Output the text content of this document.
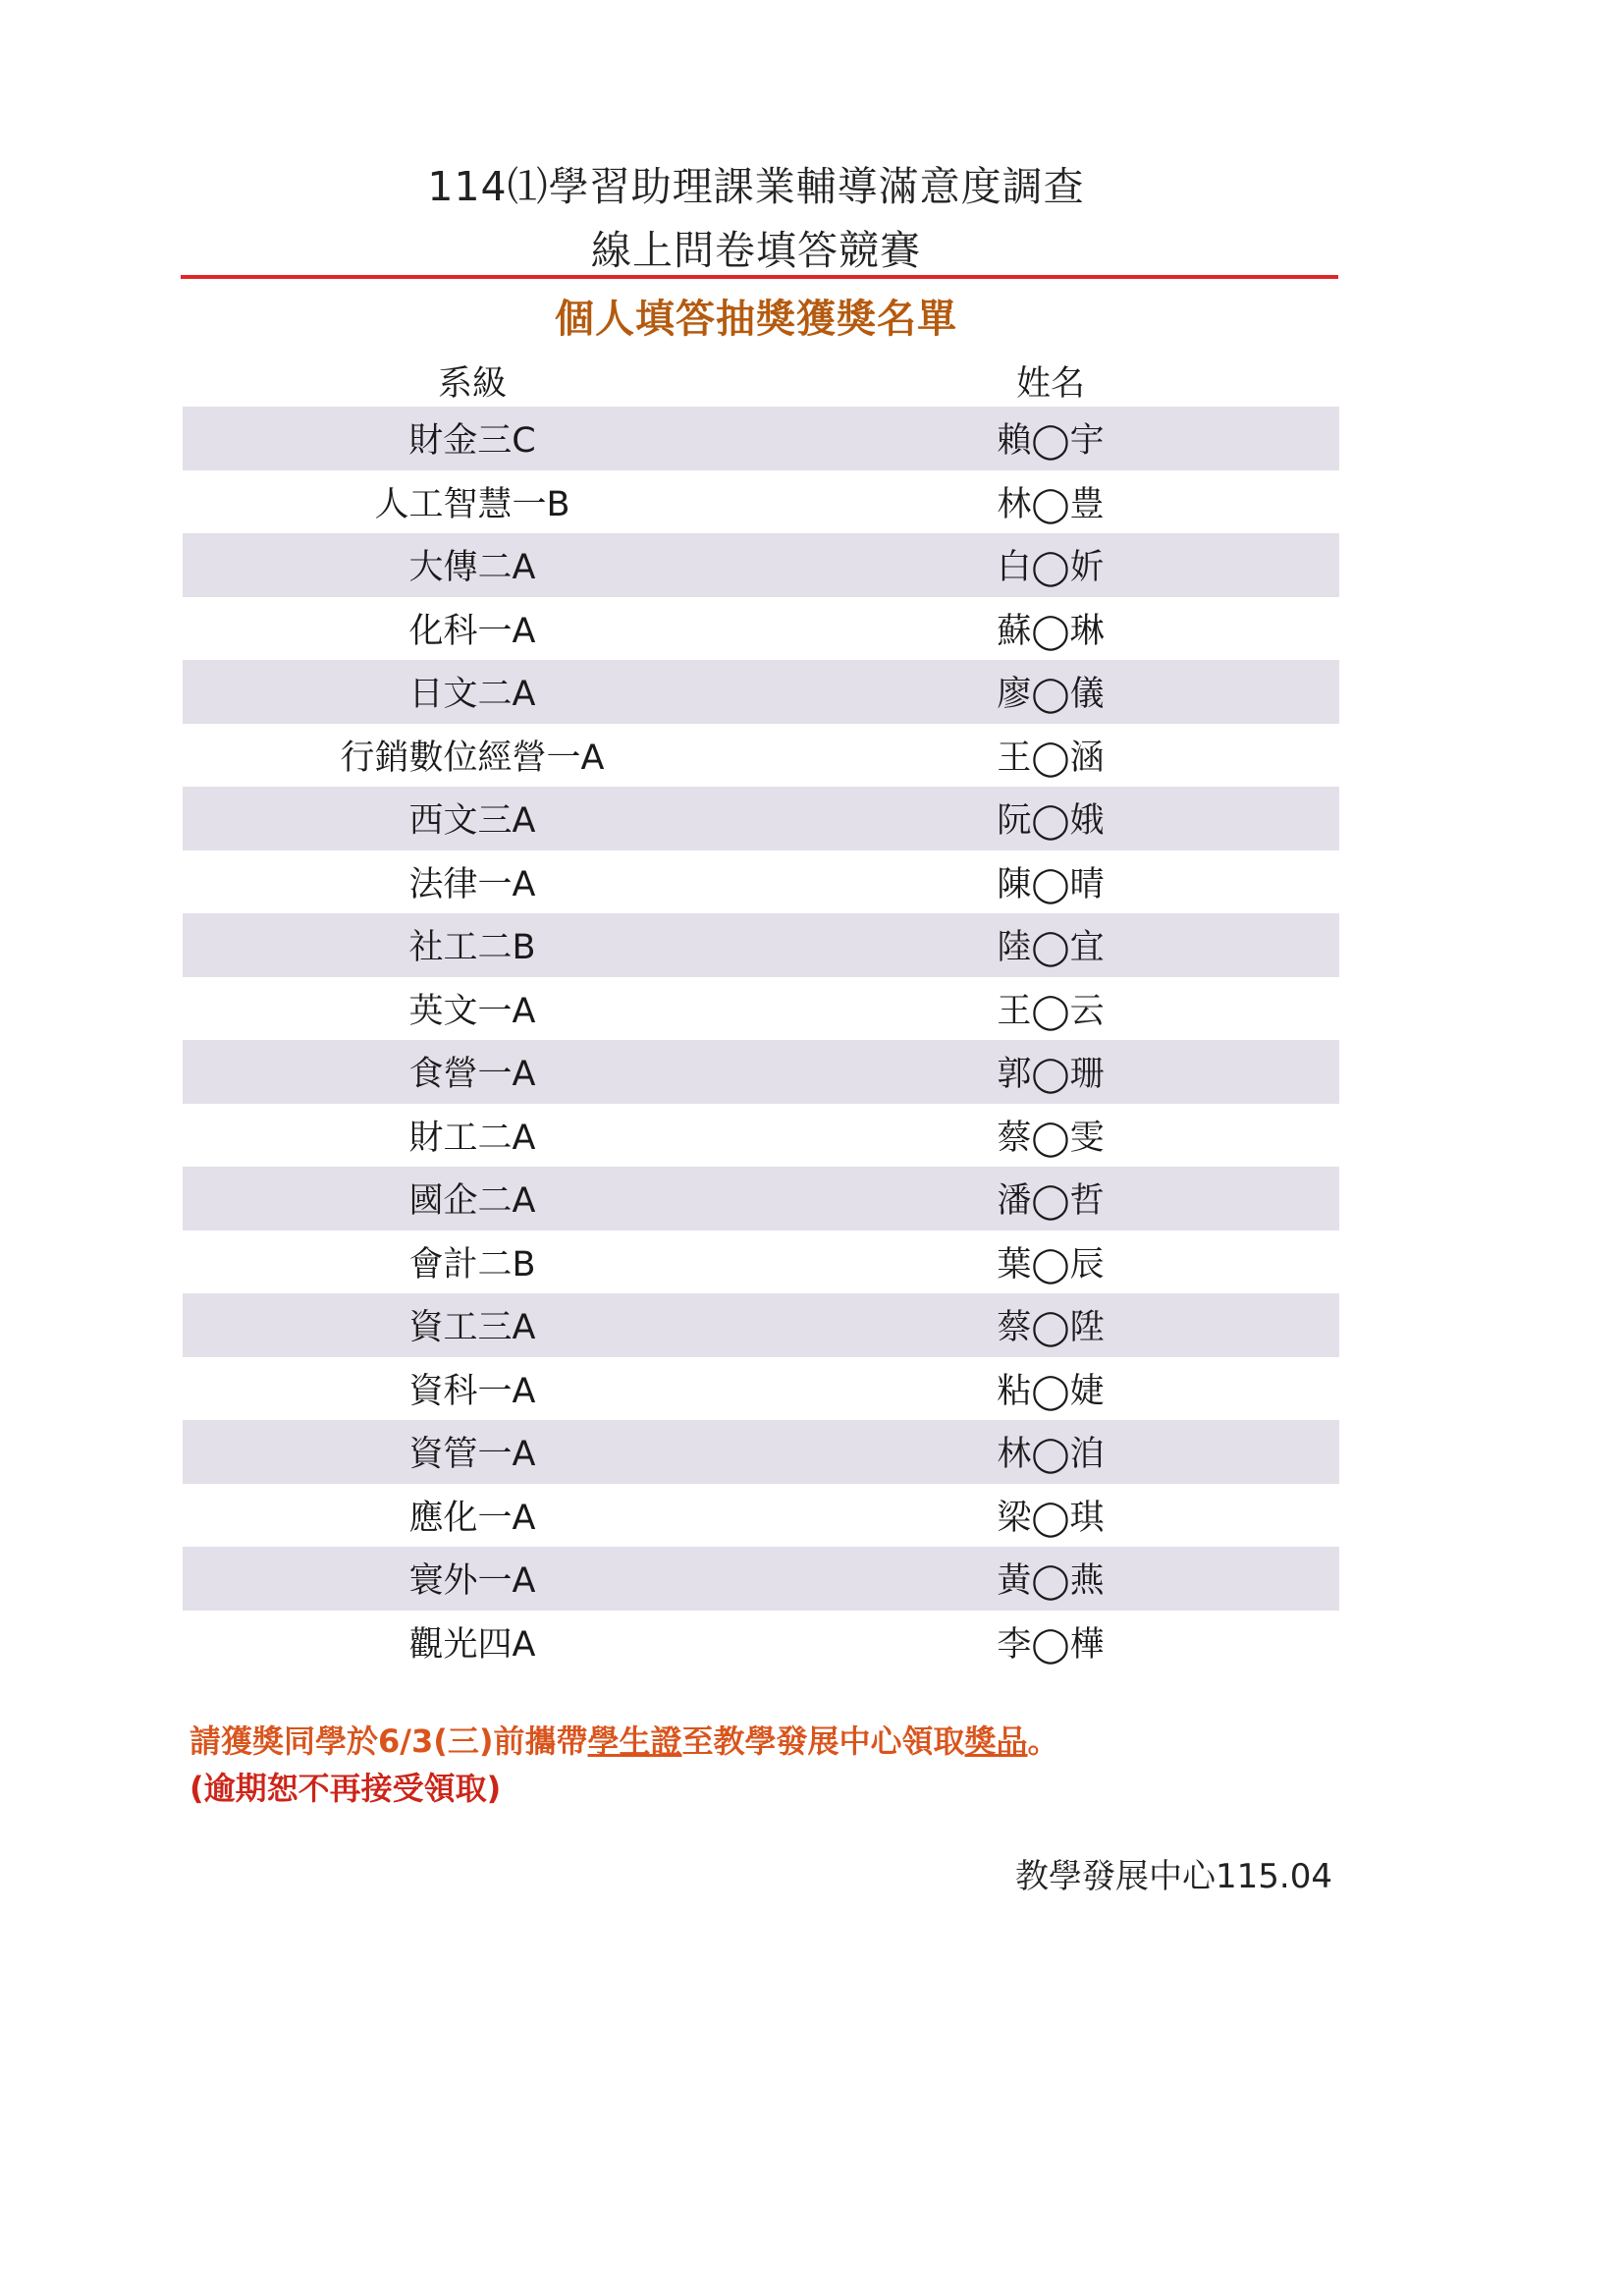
114⑴學習助理課業輔導滿意度調查
線上問卷填答競賽
個人填答抽獎獲獎名單
系級	姓名
財金三C	賴◯宇
人工智慧一B	林◯豊
大傳二A	白◯妡
化科一A	蘇◯琳
日文二A	廖◯儀
行銷數位經營一A	王◯涵
西文三A	阮◯娥
法律一A	陳◯晴
社工二B	陸◯宜
英文一A	王◯云
食營一A	郭◯珊
財工二A	蔡◯雯
國企二A	潘◯哲
會計二B	葉◯辰
資工三A	蔡◯陞
資科一A	粘◯婕
資管一A	林◯洎
應化一A	梁◯琪
寰外一A	黃◯燕
觀光四A	李◯樺
請獲獎同學於6/3(三)前攜帶學生證至教學發展中心領取獎品。
(逾期恕不再接受領取)
教學發展中心115.04
